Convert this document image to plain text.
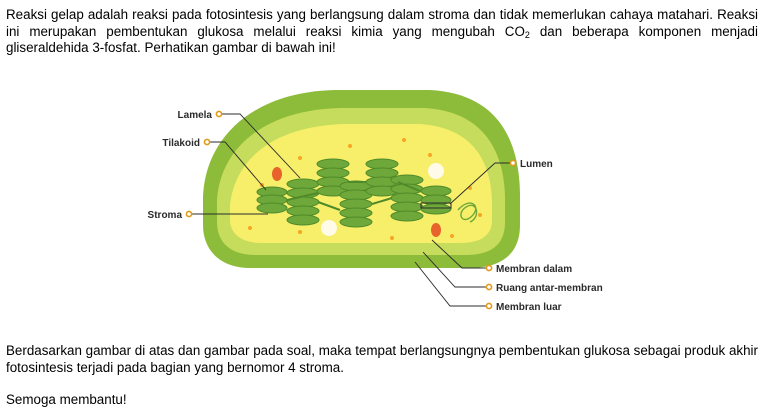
Reaksi gelap adalah reaksi pada fotosintesis yang berlangsung dalam stroma dan tidak memerlukan cahaya matahari. Reaksi ini merupakan pembentukan glukosa melalui reaksi kimia yang mengubah $CO_2$ dan beberapa komponen menjadi gliseraldehida 3-fosfat. Perhatikan gambar di bawah ini!

Lamela
Tilakoid
Stroma
Lumen
Membran dalam
Ruang antar-membran
Membran luar

Berdasarkan gambar di atas dan gambar pada soal, maka tempat berlangsungnya pembentukan glukosa sebagai produk akhir fotosintesis terjadi pada bagian yang bernomor 4 stroma.

Semoga membantu!
